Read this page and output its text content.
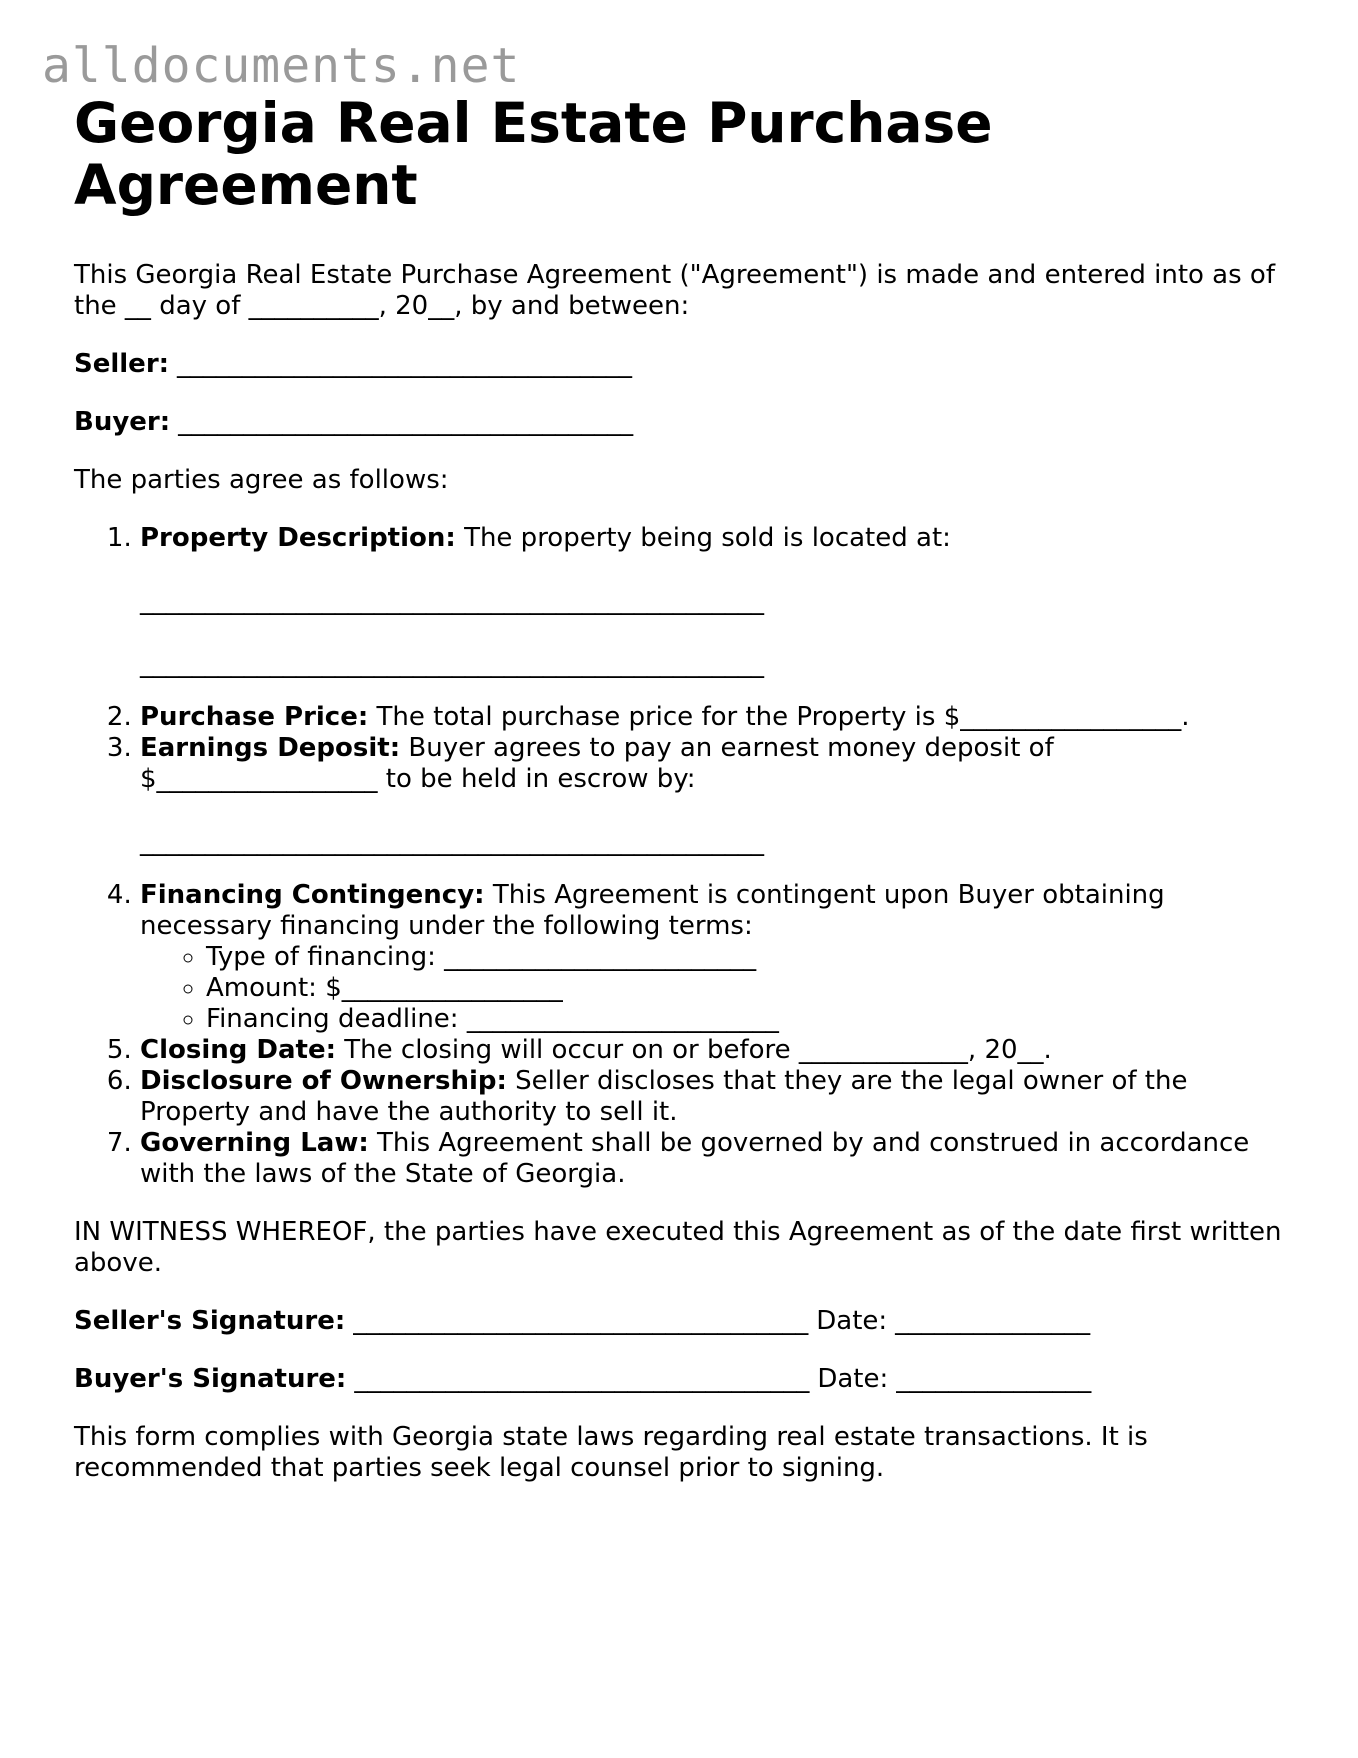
alldocuments.net
Georgia Real Estate Purchase Agreement

This Georgia Real Estate Purchase Agreement ("Agreement") is made and entered into as of the __ day of __________, 20__, by and between:

Seller: ___________________________________

Buyer: ___________________________________

The parties agree as follows:

1. Property Description: The property being sold is located at:
________________________________________________
________________________________________________
2. Purchase Price: The total purchase price for the Property is $_________________.
3. Earnings Deposit: Buyer agrees to pay an earnest money deposit of $_________________ to be held in escrow by:
________________________________________________
4. Financing Contingency: This Agreement is contingent upon Buyer obtaining necessary financing under the following terms:
◦ Type of financing: ________________________
◦ Amount: $_________________
◦ Financing deadline: ________________________
5. Closing Date: The closing will occur on or before _____________, 20__.
6. Disclosure of Ownership: Seller discloses that they are the legal owner of the Property and have the authority to sell it.
7. Governing Law: This Agreement shall be governed by and construed in accordance with the laws of the State of Georgia.

IN WITNESS WHEREOF, the parties have executed this Agreement as of the date first written above.

Seller's Signature: ___________________________________ Date: _______________

Buyer's Signature: ___________________________________ Date: _______________

This form complies with Georgia state laws regarding real estate transactions. It is recommended that parties seek legal counsel prior to signing.
